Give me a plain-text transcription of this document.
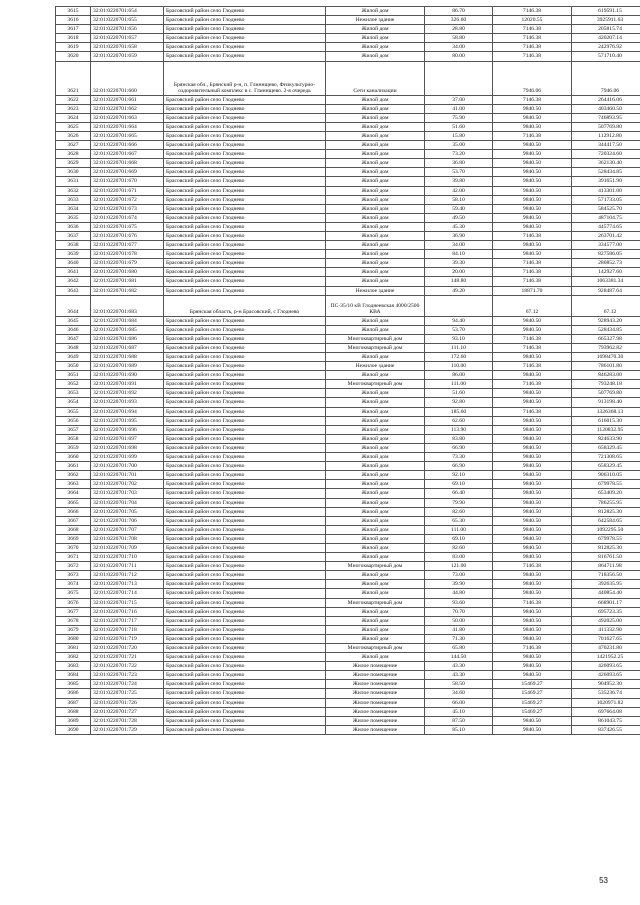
3615	32:01:0220701:654	Брасовский район село Глоднево	Жилой дом	86.70	7146.38	619591.15
3616	32:01:0220701:655	Брасовский район село Глоднево	Нежилое здание	326.60	12020.55	3925911.63
3617	32:01:0220701:656	Брасовский район село Глоднево	Жилой дом	28.80	7146.38	205815.74
3618	32:01:0220701:657	Брасовский район село Глоднево	Жилой дом	58.80	7146.38	420207.14
3619	32:01:0220701:658	Брасовский район село Глоднево	Жилой дом	34.00	7146.38	242976.92
3620	32:01:0220701:659	Брасовский район село Глоднево	Жилой дом	80.00	7146.38	571710.40
3621	32:01:0220701:660	Брянская обл., Брянский р-н, п. Глиннщево, Физкультурно-оздоровительный комплекс в с. Глиннщево. 2-я очередь	Сети канализации		7946.06	7946.06
3622	32:01:0220701:661	Брасовский район село Глоднево	Жилой дом	37.00	7146.38	264416.06
3623	32:01:0220701:662	Брасовский район село Глоднево	Жилой дом	41.00	9840.50	403460.50
3624	32:01:0220701:663	Брасовский район село Глоднево	Жилой дом	75.90	9840.50	746893.95
3625	32:01:0220701:664	Брасовский район село Глоднево	Жилой дом	51.60	9840.50	507769.80
3626	32:01:0220701:665	Брасовский район село Глоднево	Жилой дом	15.80	7146.38	112912.80
3627	32:01:0220701:666	Брасовский район село Глоднево	Жилой дом	35.00	9840.50	344417.50
3628	32:01:0220701:667	Брасовский район село Глоднево	Жилой дом	73.20	9840.50	720324.60
3629	32:01:0220701:668	Брасовский район село Глоднево	Жилой дом	36.80	9840.50	362130.40
3630	32:01:0220701:669	Брасовский район село Глоднево	Жилой дом	53.70	9840.50	528434.85
3631	32:01:0220701:670	Брасовский район село Глоднево	Жилой дом	39.80	9840.50	391651.90
3632	32:01:0220701:671	Брасовский район село Глоднево	Жилой дом	42.00	9840.50	413301.00
3633	32:01:0220701:672	Брасовский район село Глоднево	Жилой дом	58.10	9840.50	571733.05
3634	32:01:0220701:673	Брасовский район село Глоднево	Жилой дом	59.40	9840.50	584525.70
3635	32:01:0220701:674	Брасовский район село Глоднево	Жилой дом	49.50	9840.50	487104.75
3636	32:01:0220701:675	Брасовский район село Глоднево	Жилой дом	45.30	9840.50	445774.65
3637	32:01:0220701:676	Брасовский район село Глоднево	Жилой дом	36.90	7146.38	263701.42
3638	32:01:0220701:677	Брасовский район село Глоднево	Жилой дом	34.00	9840.50	334577.00
3639	32:01:0220701:678	Брасовский район село Глоднево	Жилой дом	84.10	9840.50	827586.05
3640	32:01:0220701:679	Брасовский район село Глоднево	Жилой дом	39.30	7146.38	280852.73
3641	32:01:0220701:680	Брасовский район село Глоднево	Жилой дом	20.00	7146.38	142927.60
3642	32:01:0220701:681	Брасовский район село Глоднево	Жилой дом	148.80	7146.38	1063381.34
3643	32:01:0220701:682	Брасовский район село Глоднево	Нежилое здание	49.20	18871.70	928487.64
3644	32:01:0220701:683	Брянская область, р-н Брасовский, с Глоднево	ПС-35/10 кВ Глоднеевская 4000/2500 КВА		67.12	67.12
3645	32:01:0220701:684	Брасовский район село Глоднево	Жилой дом	94.40	9840.50	928943.20
3646	32:01:0220701:685	Брасовский район село Глоднево	Жилой дом	53.70	9840.50	528434.85
3647	32:01:0220701:686	Брасовский район село Глоднево	Многоквартирный дом	93.10	7146.38	665327.98
3648	32:01:0220701:687	Брасовский район село Глоднево	Многоквартирный дом	111.10	7146.38	793962.82
3649	32:01:0220701:688	Брасовский район село Глоднево	Жилой дом	172.60	9840.50	1698470.30
3650	32:01:0220701:689	Брасовский район село Глоднево	Нежилое здание	110.00	7146.38	786101.80
3651	32:01:0220701:690	Брасовский район село Глоднево	Жилой дом	86.00	9840.50	846283.00
3652	32:01:0220701:691	Брасовский район село Глоднево	Многоквартирный дом	111.00	7146.38	793248.18
3653	32:01:0220701:692	Брасовский район село Глоднево	Жилой дом	51.60	9840.50	507769.80
3654	32:01:0220701:693	Брасовский район село Глоднево	Жилой дом	92.80	9840.50	913198.40
3655	32:01:0220701:694	Брасовский район село Глоднево	Жилой дом	185.60	7146.38	1326368.13
3656	32:01:0220701:695	Брасовский район село Глоднево	Жилой дом	62.60	9840.50	616015.30
3657	32:01:0220701:696	Брасовский район село Глоднево	Жилой дом	113.90	9840.50	1120832.95
3658	32:01:0220701:697	Брасовский район село Глоднево	Жилой дом	83.80	9840.50	824633.90
3659	32:01:0220701:698	Брасовский район село Глоднево	Жилой дом	66.90	9840.50	658329.45
3660	32:01:0220701:699	Брасовский район село Глоднево	Жилой дом	73.30	9840.50	721308.65
3661	32:01:0220701:700	Брасовский район село Глоднево	Жилой дом	66.90	9840.50	658329.45
3662	32:01:0220701:701	Брасовский район село Глоднево	Жилой дом	92.10	9840.50	906310.05
3663	32:01:0220701:702	Брасовский район село Глоднево	Жилой дом	69.10	9840.50	679978.55
3664	32:01:0220701:703	Брасовский район село Глоднево	Жилой дом	66.40	9840.50	653409.20
3665	32:01:0220701:704	Брасовский район село Глоднево	Жилой дом	79.90	9840.50	786255.95
3666	32:01:0220701:705	Брасовский район село Глоднево	Жилой дом	82.60	9840.50	812825.30
3667	32:01:0220701:706	Брасовский район село Глоднево	Жилой дом	65.30	9840.50	642584.65
3668	32:01:0220701:707	Брасовский район село Глоднево	Жилой дом	111.00	9840.50	1092295.50
3669	32:01:0220701:708	Брасовский район село Глоднево	Жилой дом	69.10	9840.50	679978.55
3670	32:01:0220701:709	Брасовский район село Глоднево	Жилой дом	82.60	9840.50	812825.30
3671	32:01:0220701:710	Брасовский район село Глоднево	Жилой дом	83.00	9840.50	816761.50
3672	32:01:0220701:711	Брасовский район село Глоднево	Многоквартирный дом	121.00	7146.38	864711.98
3673	32:01:0220701:712	Брасовский район село Глоднево	Жилой дом	73.00	9840.50	718356.50
3674	32:01:0220701:713	Брасовский район село Глоднево	Жилой дом	39.90	9840.50	392635.95
3675	32:01:0220701:714	Брасовский район село Глоднево	Жилой дом	44.80	9840.50	440854.40
3676	32:01:0220701:715	Брасовский район село Глоднево	Многоквартирный дом	93.60	7146.38	668901.17
3677	32:01:0220701:716	Брасовский район село Глоднево	Жилой дом	70.70	9840.50	695723.35
3678	32:01:0220701:717	Брасовский район село Глоднево	Жилой дом	50.00	9840.50	492025.00
3679	32:01:0220701:718	Брасовский район село Глоднево	Жилой дом	41.80	9840.50	411332.90
3680	32:01:0220701:719	Брасовский район село Глоднево	Жилой дом	71.30	9840.50	701627.65
3681	32:01:0220701:720	Брасовский район село Глоднево	Многоквартирный дом	65.80	7146.38	470231.80
3682	32:01:0220701:721	Брасовский район село Глоднево	Жилой дом	144.50	9840.50	1421952.25
3683	32:01:0220701:722	Брасовский район село Глоднево	Жилое помещение	43.30	9840.50	426093.65
3684	32:01:0220701:723	Брасовский район село Глоднево	Жилое помещение	43.30	9840.50	426093.65
3685	32:01:0220701:724	Брасовский район село Глоднево	Жилое помещение	58.50	15469.27	904952.30
3686	32:01:0220701:725	Брасовский район село Глоднево	Жилое помещение	34.60	15469.27	535236.74
3687	32:01:0220701:726	Брасовский район село Глоднево	Жилое помещение	66.00	15469.27	1020971.82
3688	32:01:0220701:727	Брасовский район село Глоднево	Жилое помещение	45.10	15469.27	697664.08
3689	32:01:0220701:728	Брасовский район село Глоднево	Жилое помещение	87.50	9840.50	861043.75
3690	32:01:0220701:729	Брасовский район село Глоднево	Жилое помещение	85.10	9840.50	837426.55
53
